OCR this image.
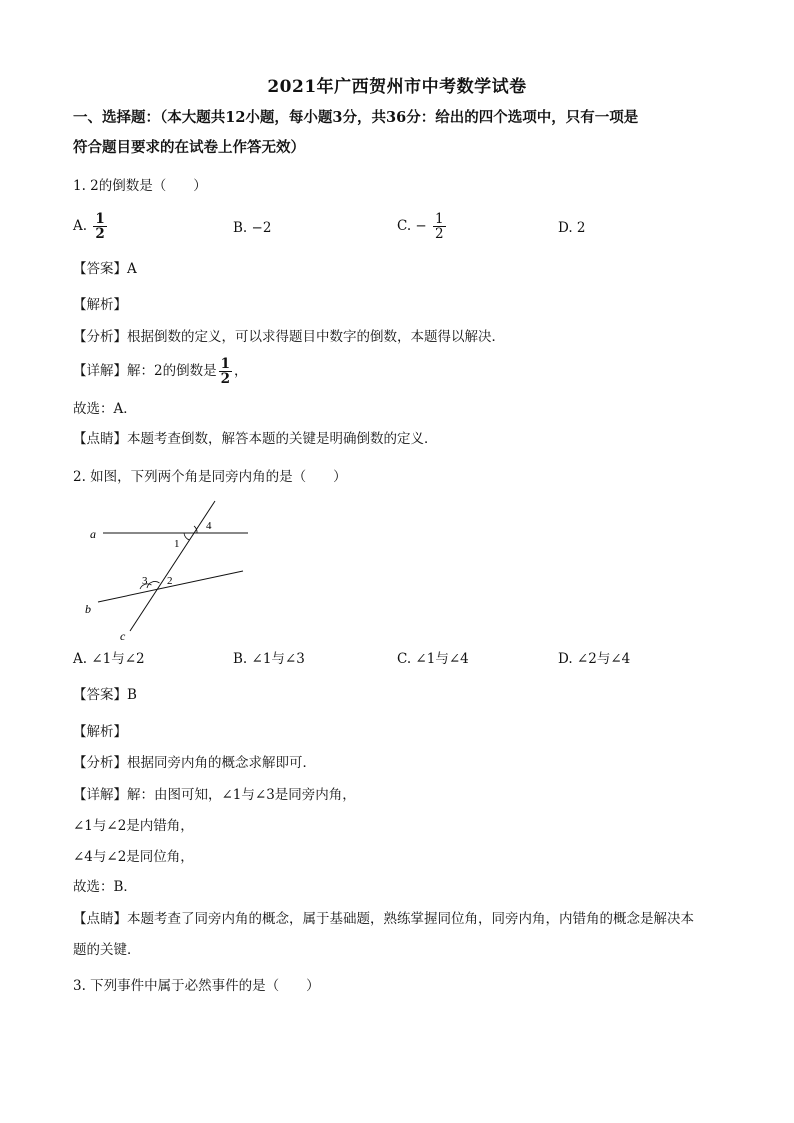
2021年广西贺州市中考数学试卷
一、选择题：（本大题共12小题，每小题3分，共36分：给出的四个选项中，只有一项是
符合题目要求的在试卷上作答无效）
1. 2的倒数是（　　）
A. $\frac{1}{2}$	B. −2	C. − $\frac{1}{2}$	D. 2
【答案】A
【解析】
【分析】根据倒数的定义，可以求得题目中数字的倒数，本题得以解决．
【详解】解：2的倒数是 $\frac{1}{2}$ ，
故选：A．
【点睛】本题考查倒数，解答本题的关键是明确倒数的定义．
2. 如图，下列两个角是同旁内角的是（　　）
a
b
c
1
4
3 2
A. ∠1与∠2	B. ∠1与∠3	C. ∠1与∠4	D. ∠2与∠4
【答案】B
【解析】
【分析】根据同旁内角的概念求解即可．
【详解】解：由图可知，∠1与∠3是同旁内角，
∠1与∠2是内错角，
∠4与∠2是同位角，
故选：B．
【点睛】本题考查了同旁内角的概念，属于基础题，熟练掌握同位角，同旁内角，内错角的概念是解决本
题的关键．
3. 下列事件中属于必然事件的是（　　）
